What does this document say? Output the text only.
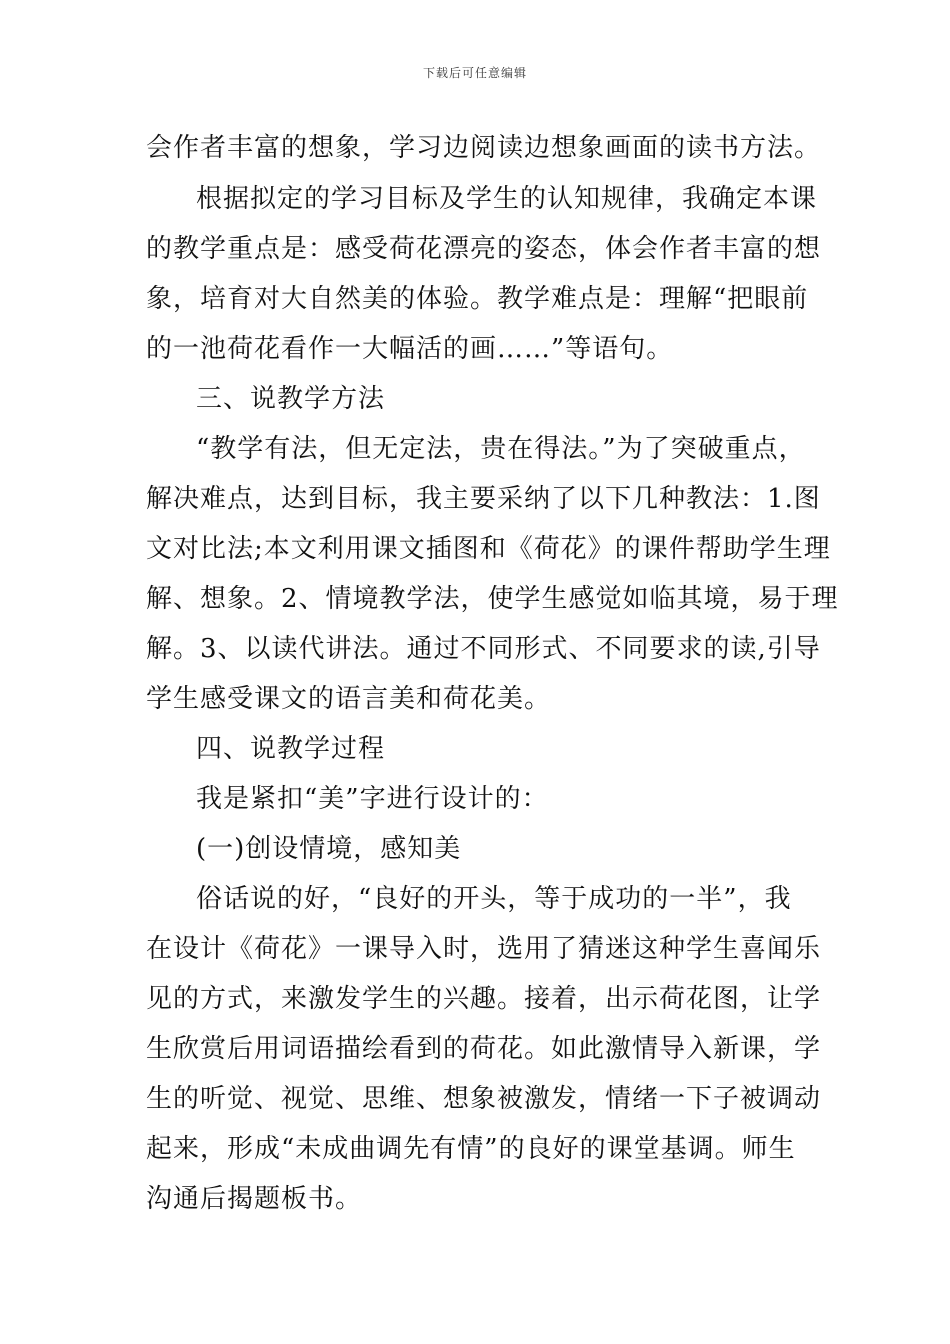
下载后可任意编辑
会作者丰富的想象，学习边阅读边想象画面的读书方法。
根据拟定的学习目标及学生的认知规律，我确定本课
的教学重点是：感受荷花漂亮的姿态，体会作者丰富的想
象，培育对大自然美的体验。教学难点是：理解“把眼前
的一池荷花看作一大幅活的画……”等语句。
三、说教学方法
“教学有法，但无定法，贵在得法。”为了突破重点，
解决难点，达到目标，我主要采纳了以下几种教法：1.图
文对比法;本文利用课文插图和《荷花》的课件帮助学生理
解、想象。2、情境教学法，使学生感觉如临其境，易于理
解。3、以读代讲法。通过不同形式、不同要求的读,引导
学生感受课文的语言美和荷花美。
四、说教学过程
我是紧扣“美”字进行设计的：
(一)创设情境，感知美
俗话说的好，“良好的开头，等于成功的一半”，我
在设计《荷花》一课导入时，选用了猜迷这种学生喜闻乐
见的方式，来激发学生的兴趣。接着，出示荷花图，让学
生欣赏后用词语描绘看到的荷花。如此激情导入新课，学
生的听觉、视觉、思维、想象被激发，情绪一下子被调动
起来，形成“未成曲调先有情”的良好的课堂基调。师生
沟通后揭题板书。
